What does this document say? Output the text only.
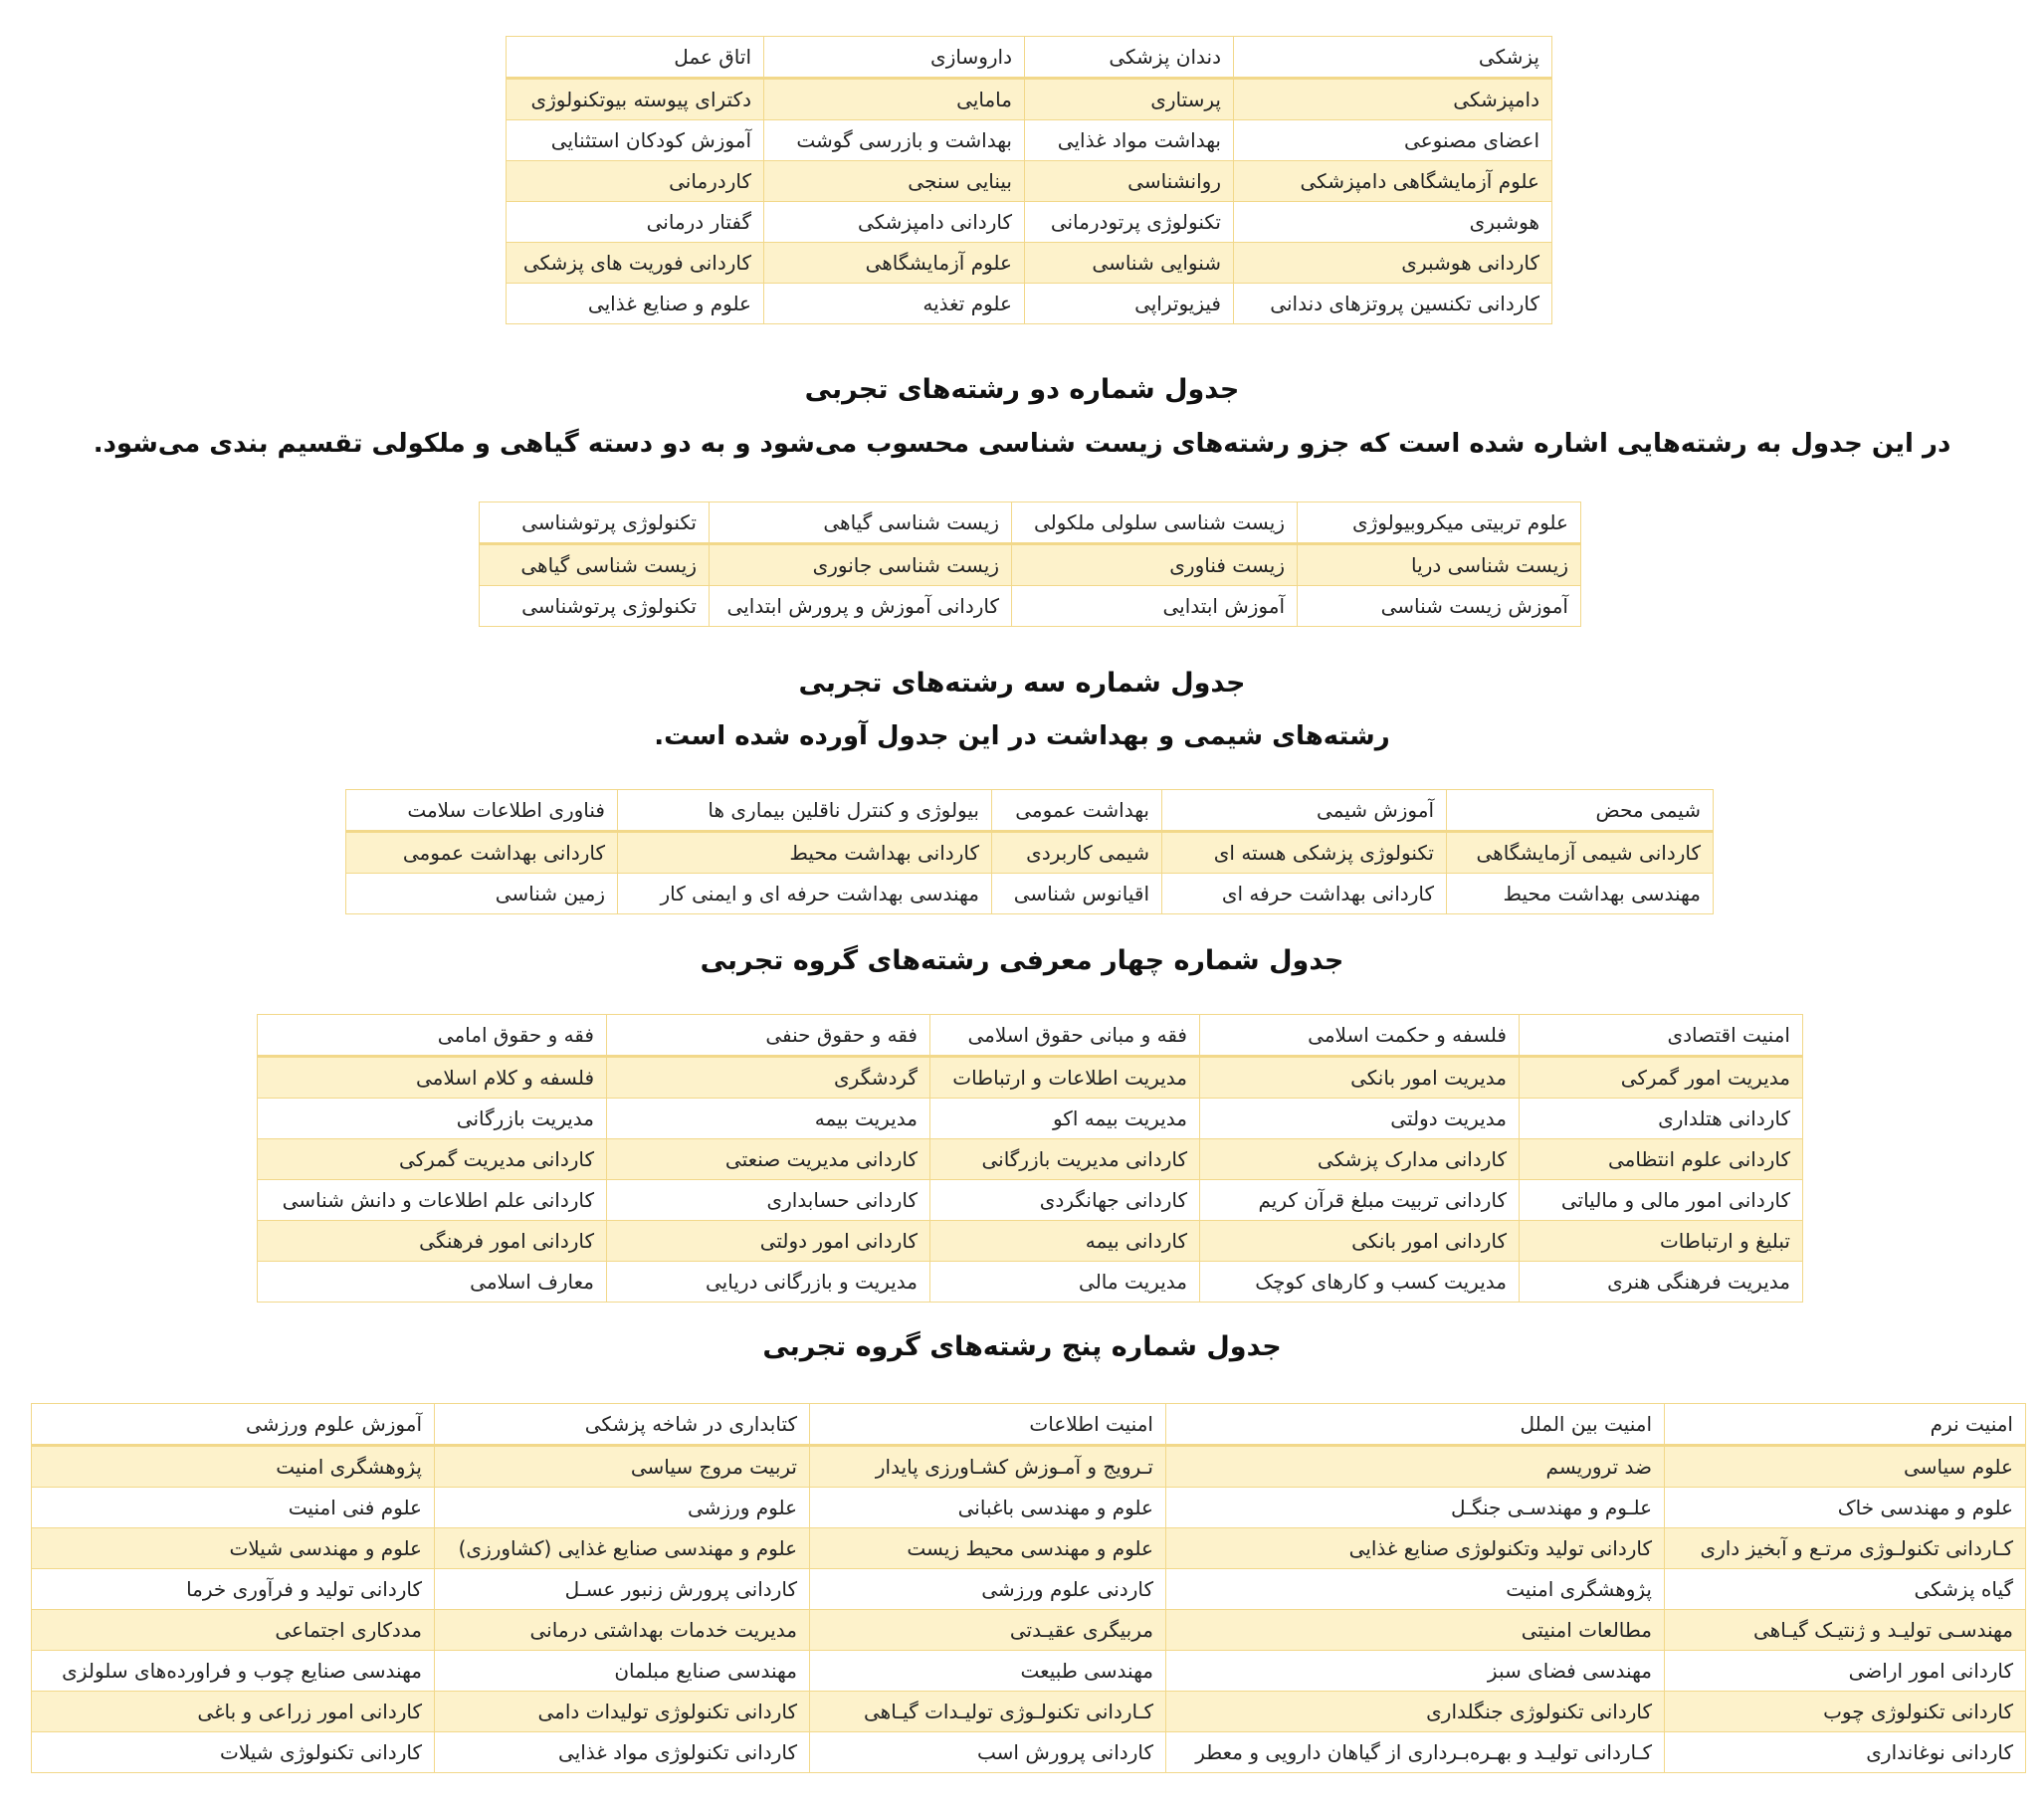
پزشکی	دندان پزشکی	داروسازی	اتاق عمل
دامپزشکی	پرستاری	مامایی	دکترای پیوسته بیوتکنولوژی
اعضای مصنوعی	بهداشت مواد غذایی	بهداشت و بازرسی گوشت	آموزش کودکان استثنایی
علوم آزمایشگاهی دامپزشکی	روانشناسی	بینایی سنجی	کاردرمانی
هوشبری	تکنولوژی پرتودرمانی	کاردانی دامپزشکی	گفتار درمانی
کاردانی هوشبری	شنوایی شناسی	علوم آزمایشگاهی	کاردانی فوریت های پزشکی
کاردانی تکنسین پروتزهای دندانی	فیزیوتراپی	علوم تغذیه	علوم و صنایع غذایی
جدول شماره دو رشته‌های تجربی
در این جدول به رشته‌هایی اشاره شده است که جزو رشته‌های زیست شناسی محسوب می‌شود و به دو دسته گیاهی و ملکولی تقسیم بندی می‌شود.
علوم تربیتی میکروبیولوژی	زیست شناسی سلولی ملکولی	زیست شناسی گیاهی	تکنولوژی پرتوشناسی
زیست شناسی دریا	زیست فناوری	زیست شناسی جانوری	زیست شناسی گیاهی
آموزش زیست شناسی	آموزش ابتدایی	کاردانی آموزش و پرورش ابتدایی	تکنولوژی پرتوشناسی
جدول شماره سه رشته‌های تجربی
رشته‌های شیمی و بهداشت در این جدول آورده شده است.
شیمی محض	آموزش شیمی	بهداشت عمومی	بیولوژی و کنترل ناقلین بیماری ها	فناوری اطلاعات سلامت
کاردانی شیمی آزمایشگاهی	تکنولوژی پزشکی هسته ای	شیمی کاربردی	کاردانی بهداشت محیط	کاردانی بهداشت عمومی
مهندسی بهداشت محیط	کاردانی بهداشت حرفه ای	اقیانوس شناسی	مهندسی بهداشت حرفه ای و ایمنی کار	زمین شناسی
جدول شماره چهار معرفی رشته‌های گروه تجربی
امنیت اقتصادی	فلسفه و حکمت اسلامی	فقه و مبانی حقوق اسلامی	فقه و حقوق حنفی	فقه و حقوق امامی
مدیریت امور گمرکی	مدیریت امور بانکی	مدیریت اطلاعات و ارتباطات	گردشگری	فلسفه و کلام اسلامی
کاردانی هتلداری	مدیریت دولتی	مدیریت بیمه اکو	مدیریت بیمه	مدیریت بازرگانی
کاردانی علوم انتظامی	کاردانی مدارک پزشکی	کاردانی مدیریت بازرگانی	کاردانی مدیریت صنعتی	کاردانی مدیریت گمرکی
کاردانی امور مالی و مالیاتی	کاردانی تربیت مبلغ قرآن کریم	کاردانی جهانگردی	کاردانی حسابداری	کاردانی علم اطلاعات و دانش شناسی
تبلیغ و ارتباطات	کاردانی امور بانکی	کاردانی بیمه	کاردانی امور دولتی	کاردانی امور فرهنگی
مدیریت فرهنگی هنری	مدیریت کسب و کارهای کوچک	مدیریت مالی	مدیریت و بازرگانی دریایی	معارف اسلامی
جدول شماره پنج رشته‌های گروه تجربی
امنیت نرم	امنیت بین الملل	امنیت اطلاعات	کتابداری در شاخه پزشکی	آموزش علوم ورزشی
علوم سیاسی	ضد تروریسم	تـرویج و آمـوزش کشـاورزی پایدار	تربیت مروج سیاسی	پژوهشگری امنیت
علوم و مهندسی خاک	علـوم و مهندسـی جنگـل	علوم و مهندسی باغبانی	علوم ورزشی	علوم فنی امنیت
کـاردانی تکنولـوژی مرتـع و آبخیز داری	کاردانی تولید وتکنولوژی صنایع غذایی	علوم و مهندسی محیط زیست	علوم و مهندسی صنایع غذایی (کشاورزی)	علوم و مهندسی شیلات
گیاه پزشکی	پژوهشگری امنیت	کاردنی علوم ورزشی	کاردانی پرورش زنبور عسـل	کاردانی تولید و فرآوری خرما
مهندسـی تولیـد و ژنتیـک گیـاهی	مطالعات امنیتی	مربیگری عقیـدتی	مدیریت خدمات بهداشتی درمانی	مددکاری اجتماعی
کاردانی امور اراضی	مهندسی فضای سبز	مهندسی طبیعت	مهندسی صنایع مبلمان	مهندسی صنایع چوب و فراورده‌های سلولزی
کاردانی تکنولوژی چوب	کاردانی تکنولوژی جنگلداری	کـاردانی تکنولـوژی تولیـدات گیـاهی	کاردانی تکنولوژی تولیدات دامی	کاردانی امور زراعی و باغی
کاردانی نوغانداری	کـاردانی تولیـد و بهـره‌بـرداری از گیاهان دارویی و معطر	کاردانی پرورش اسب	کاردانی تکنولوژی مواد غذایی	کاردانی تکنولوژی شیلات
